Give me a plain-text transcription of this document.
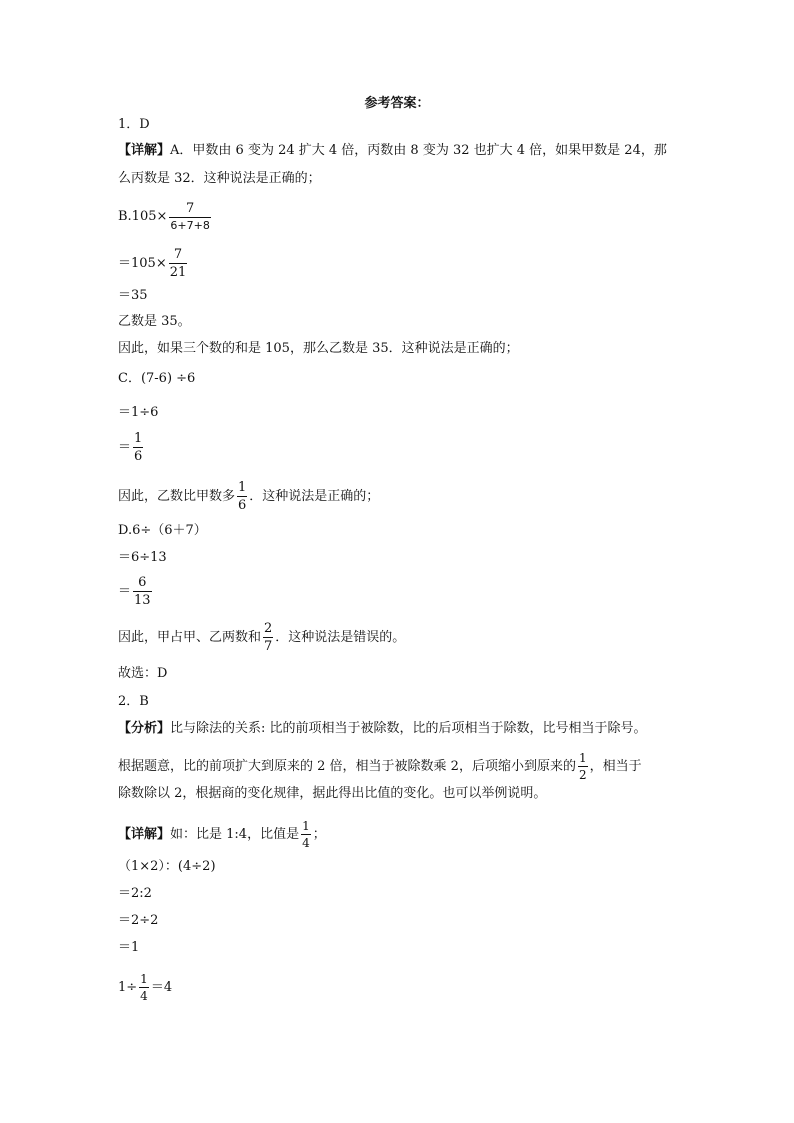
参考答案：
1．D
【详解】 A．甲数由 6 变为 24 扩大 4 倍，丙数由 8 变为 32 也扩大 4 倍，如果甲数是 24，那
么丙数是 32．这种说法是正确的；
$B.105\times \frac{7}{6+7+8}$
$=105\times \frac{7}{21}$
＝35
乙数是 35。
因此，如果三个数的和是 105，那么乙数是 35．这种说法是正确的；
C．(7-6) ÷6
＝1÷6
＝ $\frac{1}{6}$
因此，乙数比甲数多 $\frac{1}{6}$ ．这种说法是正确的；
D.6÷（6＋7）
＝6÷13
＝ $\frac{6}{13}$
因此，甲占甲、乙两数和 $\frac{2}{7}$ ．这种说法是错误的。
故选：D
2．B
【分析】 比与除法的关系: 比的前项相当于被除数，比的后项相当于除数，比号相当于除号。
根据题意，比的前项扩大到原来的 2 倍，相当于被除数乘 2，后项缩小到原来的 $\frac{1}{2}$ ，相当于
除数除以 2，根据商的变化规律，据此得出比值的变化。也可以举例说明。
【详解】 如：比是 1:4，比值是 $\frac{1}{4}$ ；
（1×2）：(4÷2)
＝2:2
＝2÷2
＝1
$1\div \frac{1}{4} =4$
